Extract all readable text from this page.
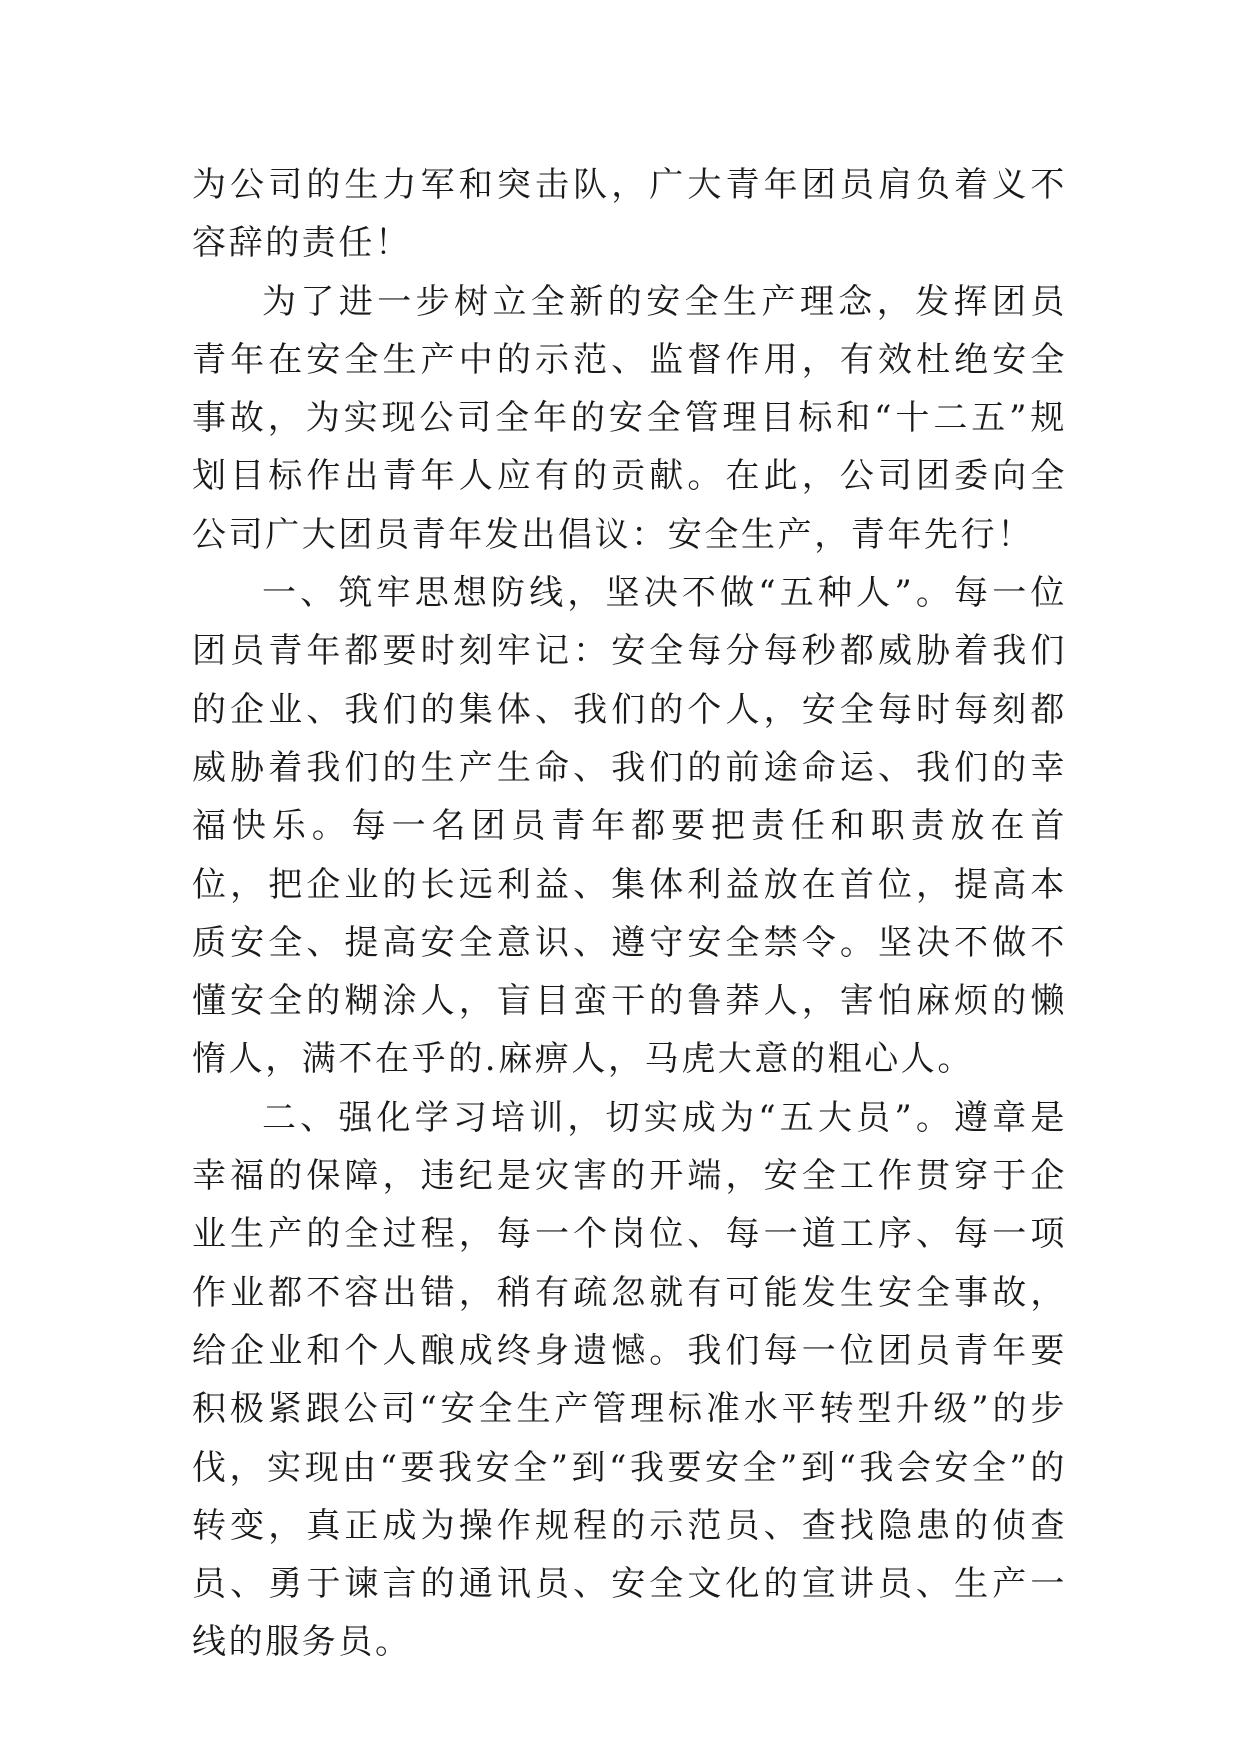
为公司的生力军和突击队，广大青年团员肩负着义不容辞的责任！

为了进一步树立全新的安全生产理念，发挥团员青年在安全生产中的示范、监督作用，有效杜绝安全事故，为实现公司全年的安全管理目标和“十二五”规划目标作出青年人应有的贡献。在此，公司团委向全公司广大团员青年发出倡议：安全生产，青年先行！

一、筑牢思想防线，坚决不做“五种人”。每一位团员青年都要时刻牢记：安全每分每秒都威胁着我们的企业、我们的集体、我们的个人，安全每时每刻都威胁着我们的生产生命、我们的前途命运、我们的幸福快乐。每一名团员青年都要把责任和职责放在首位，把企业的长远利益、集体利益放在首位，提高本质安全、提高安全意识、遵守安全禁令。坚决不做不懂安全的糊涂人，盲目蛮干的鲁莽人，害怕麻烦的懒惰人，满不在乎的.麻痹人，马虎大意的粗心人。

二、强化学习培训，切实成为“五大员”。遵章是幸福的保障，违纪是灾害的开端，安全工作贯穿于企业生产的全过程，每一个岗位、每一道工序、每一项作业都不容出错，稍有疏忽就有可能发生安全事故，给企业和个人酿成终身遗憾。我们每一位团员青年要积极紧跟公司“安全生产管理标准水平转型升级”的步伐，实现由“要我安全”到“我要安全”到“我会安全”的转变，真正成为操作规程的示范员、查找隐患的侦查员、勇于谏言的通讯员、安全文化的宣讲员、生产一线的服务员。
